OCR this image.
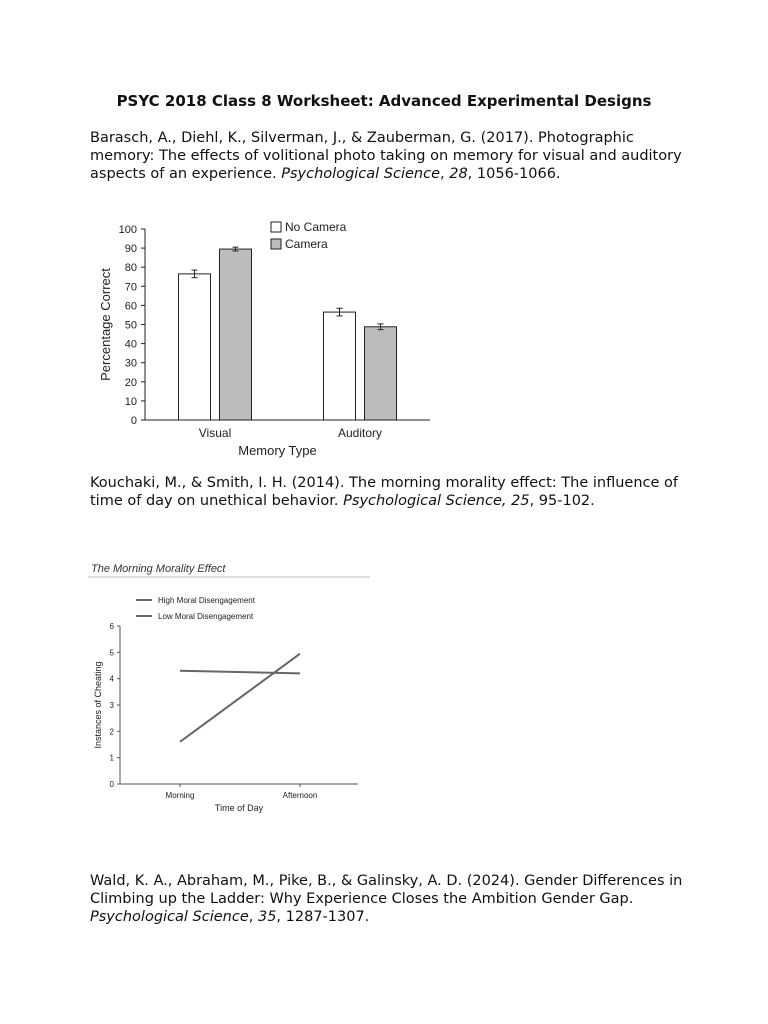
PSYC 2018 Class 8 Worksheet: Advanced Experimental Designs
Barasch, A., Diehl, K., Silverman, J., & Zauberman, G. (2017). Photographic memory: The effects of volitional photo taking on memory for visual and auditory aspects of an experience. Psychological Science, 28, 1056-1066.
0
10
20
30
40
50
60
70
80
90
100
Percentage Correct
Visual	Auditory
Memory Type
No Camera
Camera
Kouchaki, M., & Smith, I. H. (2014). The morning morality effect: The influence of time of day on unethical behavior. Psychological Science, 25, 95-102.
The Morning Morality Effect
0
1
2
3
4
5
6
Instances of Cheating
Morning	Afternoon
Time of Day
High Moral Disengagement
Low Moral Disengagement
Wald, K. A., Abraham, M., Pike, B., & Galinsky, A. D. (2024). Gender Differences in Climbing up the Ladder: Why Experience Closes the Ambition Gender Gap. Psychological Science, 35, 1287-1307.
